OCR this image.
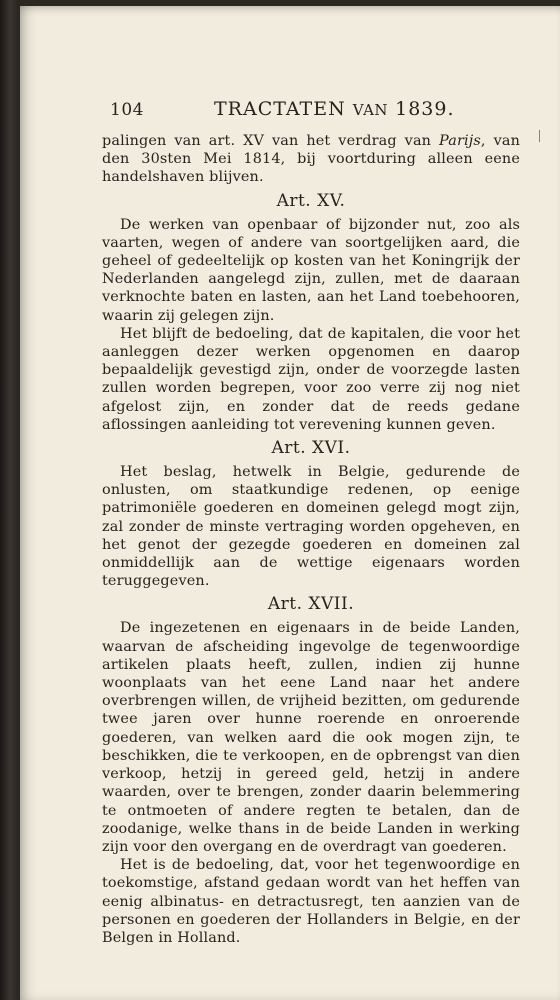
104	TRACTATEN VAN 1839.

palingen van art. XV van het verdrag van Parijs, van den 30sten Mei 1814, bij voortduring alleen eene handelshaven blijven.

Art. XV.

De werken van openbaar of bijzonder nut, zoo als vaarten, wegen of andere van soortgelijken aard, die geheel of gedeeltelijk op kosten van het Koningrijk der Nederlanden aangelegd zijn, zullen, met de daaraan verknochte baten en lasten, aan het Land toebehooren, waarin zij gelegen zijn.

Het blijft de bedoeling, dat de kapitalen, die voor het aanleggen dezer werken opgenomen en daarop bepaaldelijk gevestigd zijn, onder de voorzegde lasten zullen worden begrepen, voor zoo verre zij nog niet afgelost zijn, en zonder dat de reeds gedane aflossingen aanleiding tot verevening kunnen geven.

Art. XVI.

Het beslag, hetwelk in Belgie, gedurende de onlusten, om staatkundige redenen, op eenige patrimoniële goederen en domeinen gelegd mogt zijn, zal zonder de minste vertraging worden opgeheven, en het genot der gezegde goederen en domeinen zal onmiddellijk aan de wettige eigenaars worden teruggegeven.

Art. XVII.

De ingezetenen en eigenaars in de beide Landen, waarvan de afscheiding ingevolge de tegenwoordige artikelen plaats heeft, zullen, indien zij hunne woonplaats van het eene Land naar het andere overbrengen willen, de vrijheid bezitten, om gedurende twee jaren over hunne roerende en onroerende goederen, van welken aard die ook mogen zijn, te beschikken, die te verkoopen, en de opbrengst van dien verkoop, hetzij in gereed geld, hetzij in andere waarden, over te brengen, zonder daarin belemmering te ontmoeten of andere regten te betalen, dan de zoodanige, welke thans in de beide Landen in werking zijn voor den overgang en de overdragt van goederen.

Het is de bedoeling, dat, voor het tegenwoordige en toekomstige, afstand gedaan wordt van het heffen van eenig albinatus- en detractusregt, ten aanzien van de personen en goederen der Hollanders in Belgie, en der Belgen in Holland.
